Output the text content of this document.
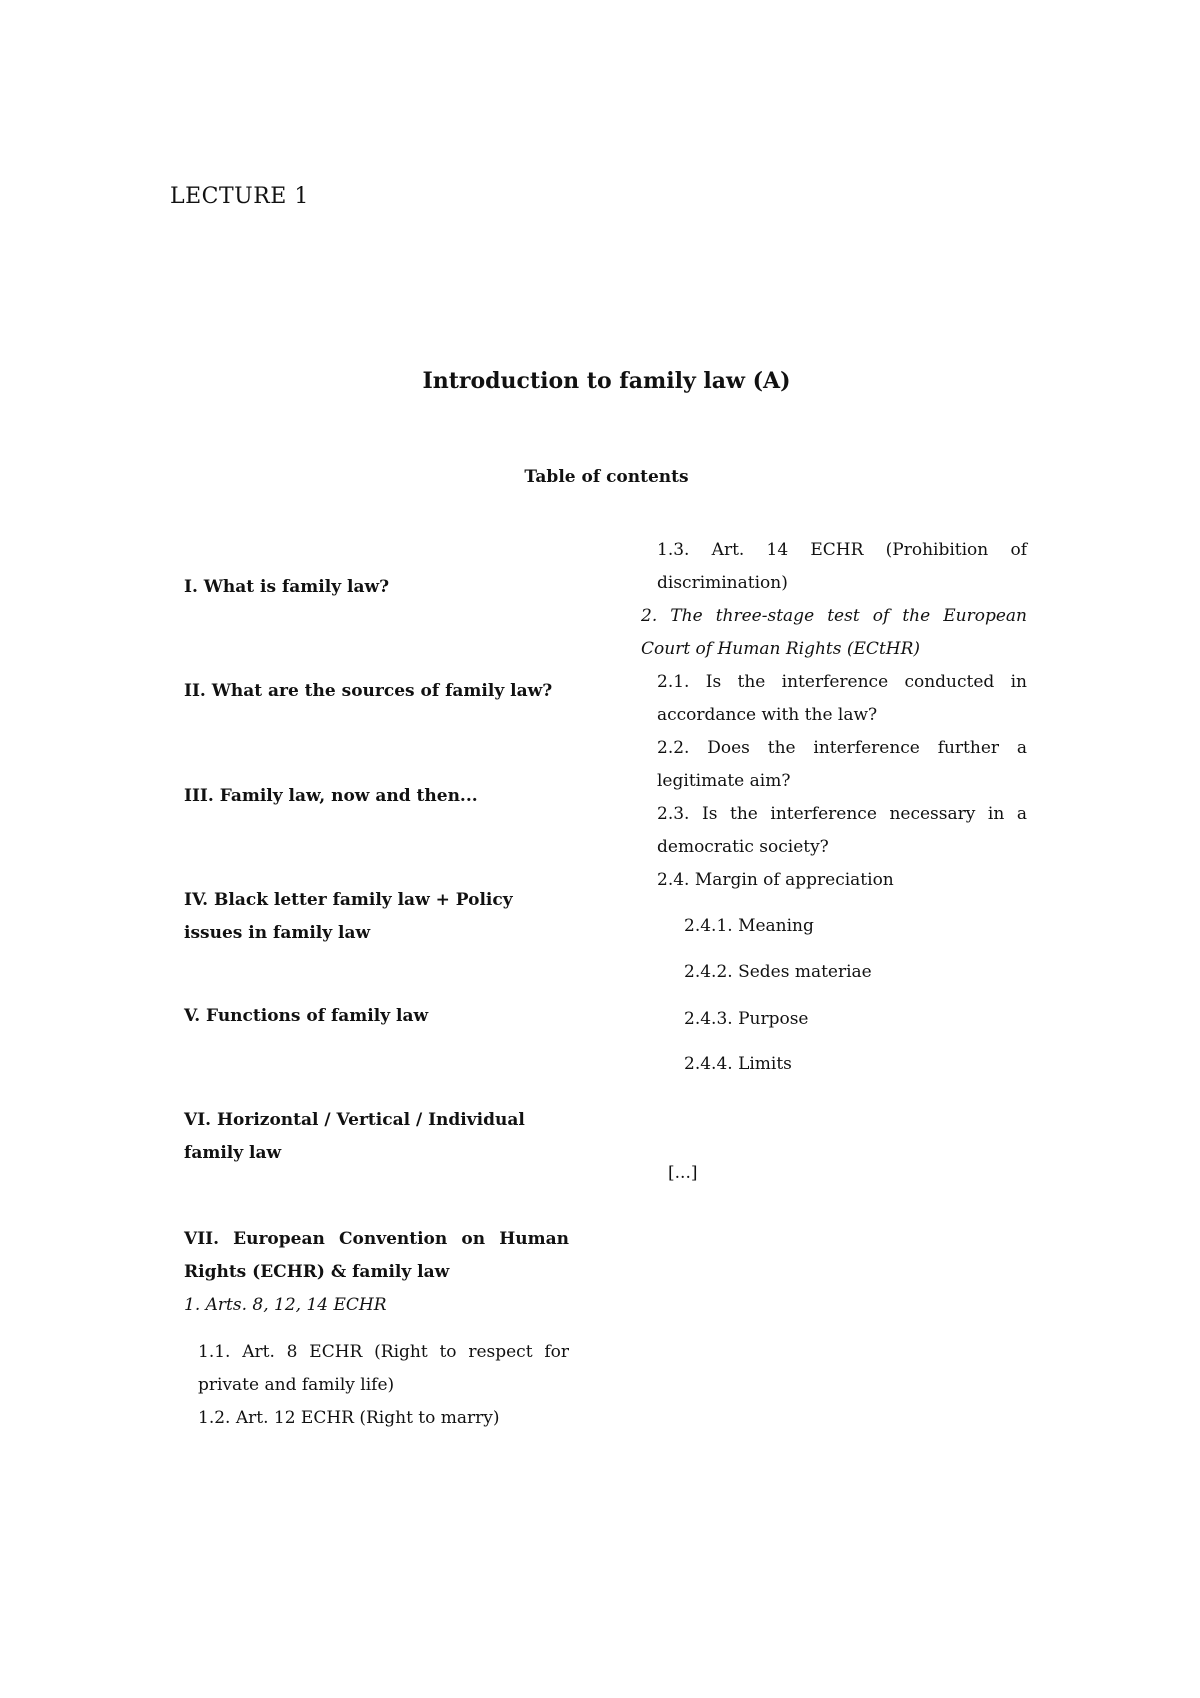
LECTURE 1
Introduction to family law (A)
Table of contents
I. What is family law?
II. What are the sources of family law?
III. Family law, now and then...
IV. Black letter family law + Policy issues in family law
V. Functions of family law
VI. Horizontal / Vertical / Individual family law
VII. European Convention on Human Rights (ECHR) & family law
1. Arts. 8, 12, 14 ECHR
1.1. Art. 8 ECHR (Right to respect for private and family life)
1.2. Art. 12 ECHR (Right to marry)
1.3. Art. 14 ECHR (Prohibition of discrimination)
2. The three-stage test of the European Court of Human Rights (ECtHR)
2.1. Is the interference conducted in accordance with the law?
2.2. Does the interference further a legitimate aim?
2.3. Is the interference necessary in a democratic society?
2.4. Margin of appreciation
2.4.1. Meaning
2.4.2. Sedes materiae
2.4.3. Purpose
2.4.4. Limits
[...]
